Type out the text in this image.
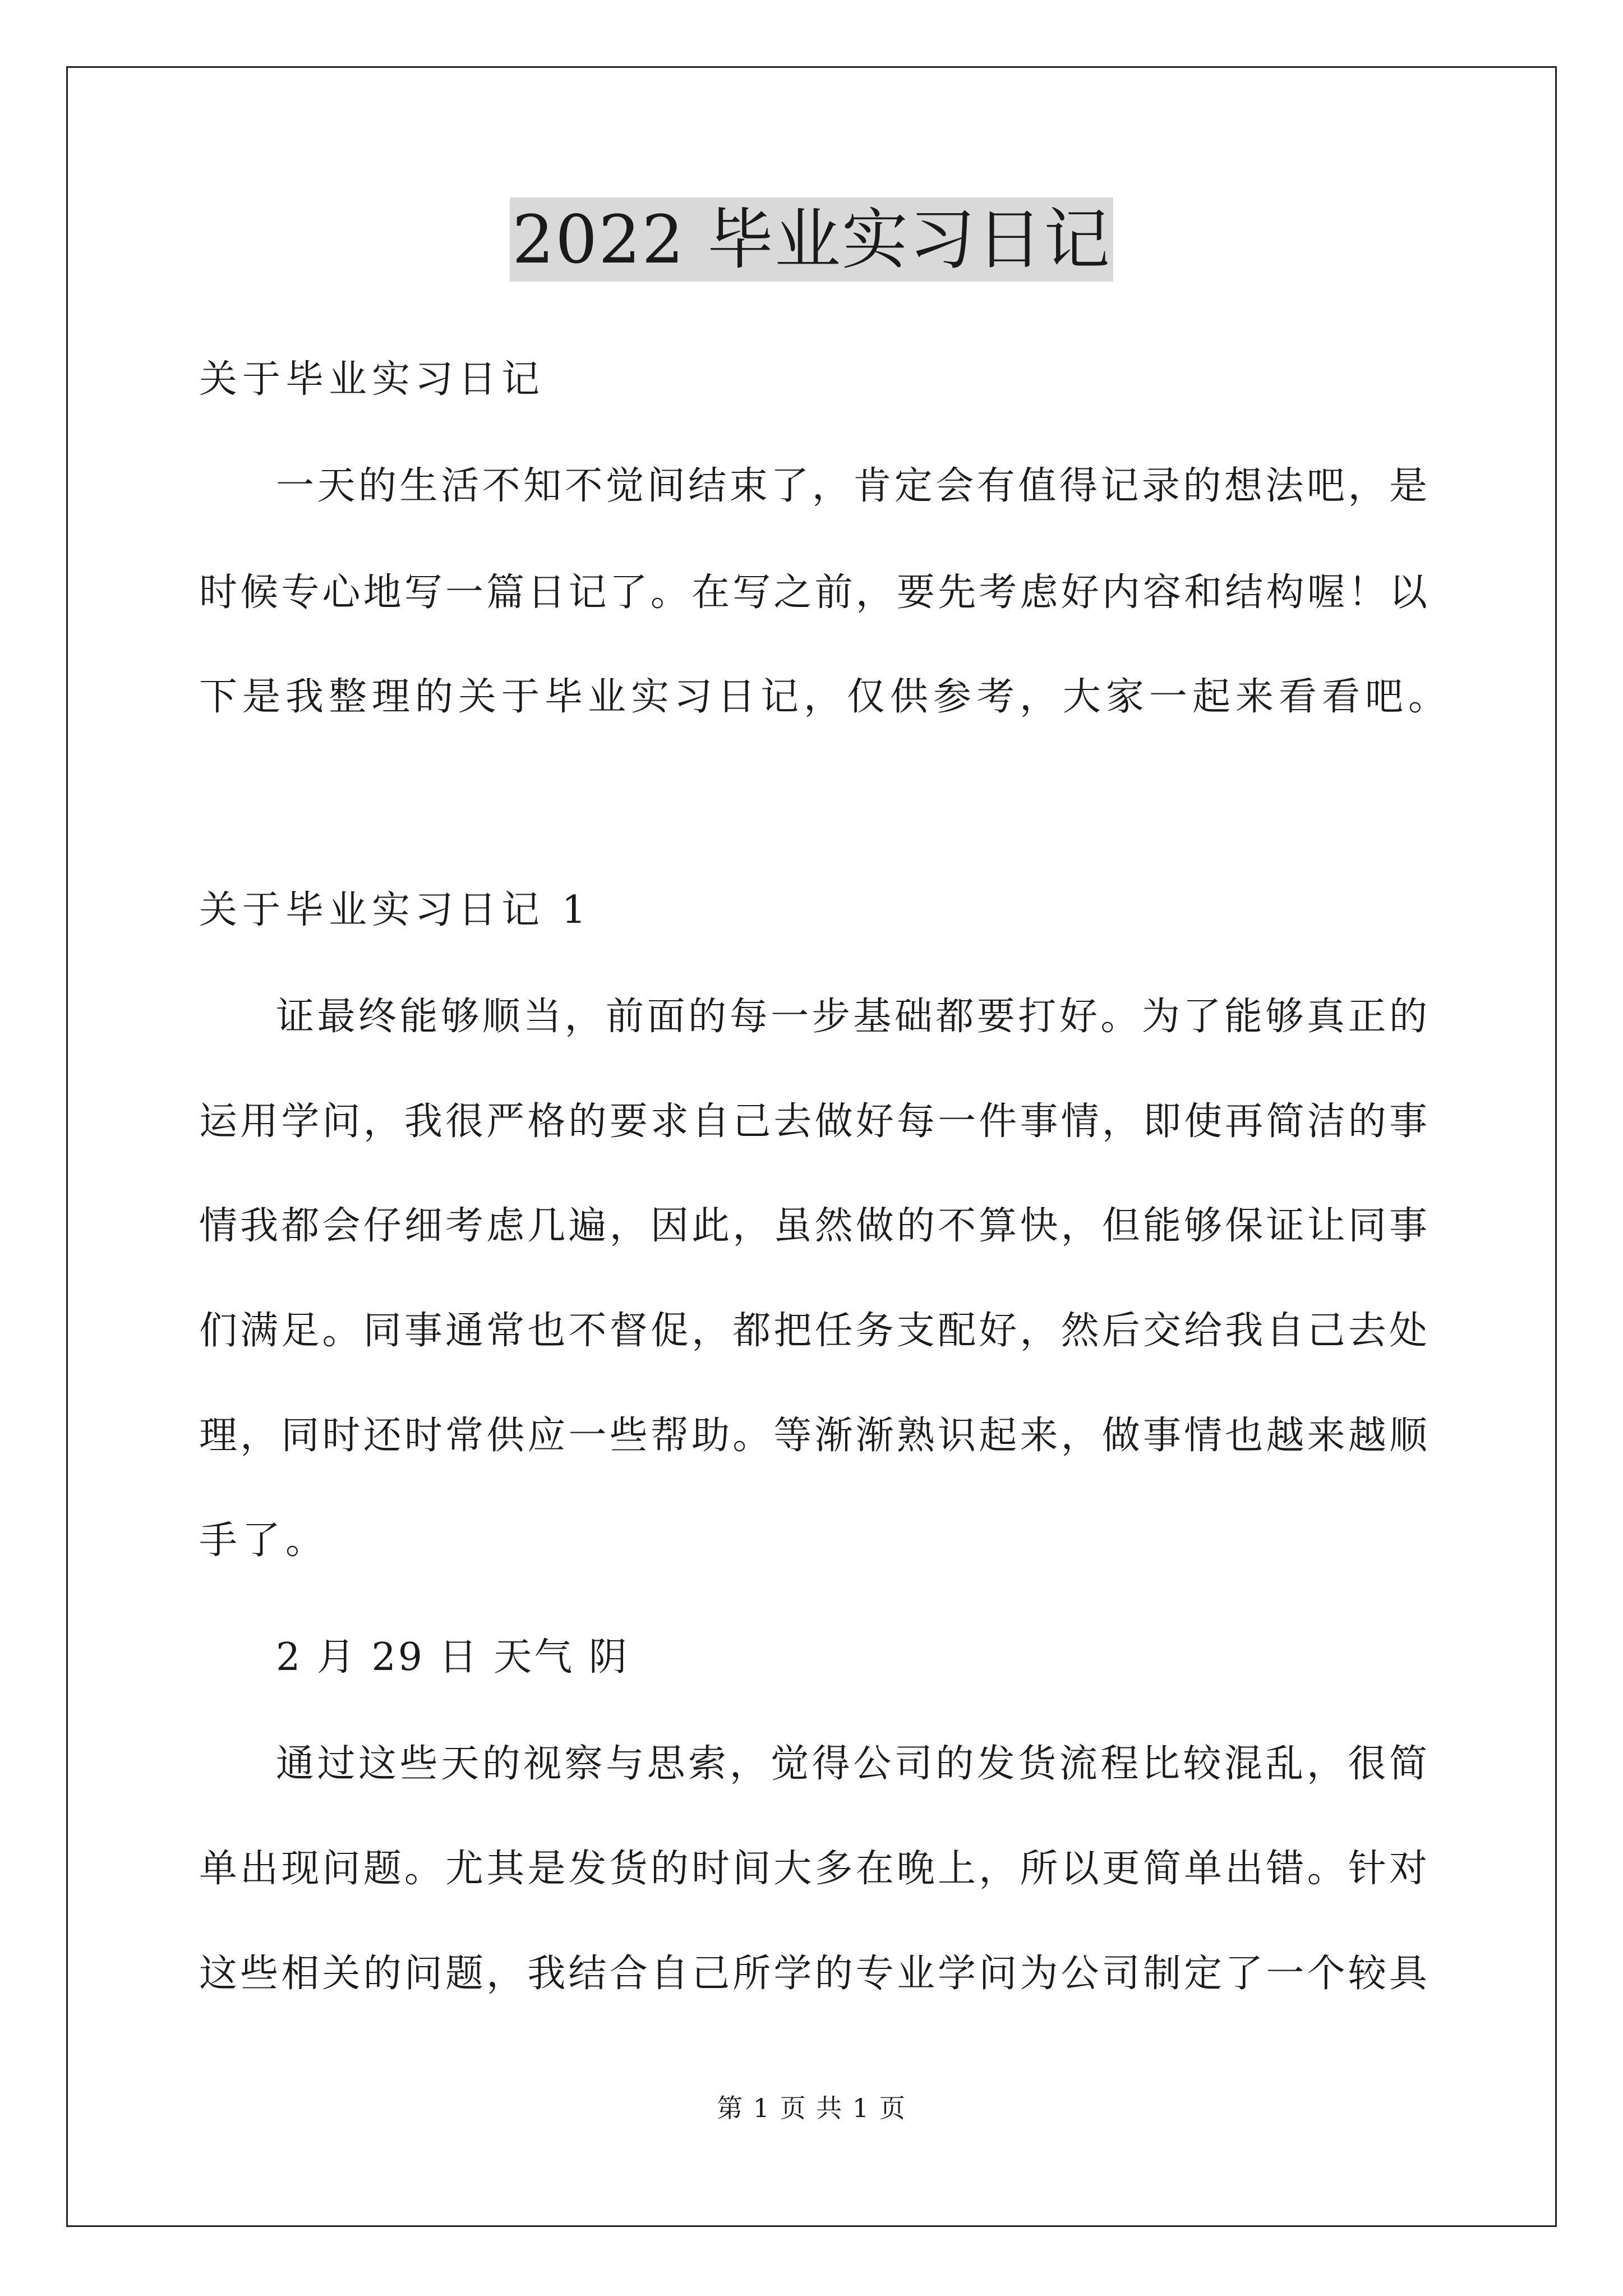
2022 毕业实习日记
关于毕业实习日记
一天的生活不知不觉间结束了，肯定会有值得记录的想法吧，是
时候专心地写一篇日记了。在写之前，要先考虑好内容和结构喔！以
下是我整理的关于毕业实习日记，仅供参考，大家一起来看看吧。
关于毕业实习日记 1
证最终能够顺当，前面的每一步基础都要打好。为了能够真正的
运用学问，我很严格的要求自己去做好每一件事情，即使再简洁的事
情我都会仔细考虑几遍，因此，虽然做的不算快，但能够保证让同事
们满足。同事通常也不督促，都把任务支配好，然后交给我自己去处
理，同时还时常供应一些帮助。等渐渐熟识起来，做事情也越来越顺
手了。
2 月 29 日 天气 阴
通过这些天的视察与思索，觉得公司的发货流程比较混乱，很简
单出现问题。尤其是发货的时间大多在晚上，所以更简单出错。针对
这些相关的问题，我结合自己所学的专业学问为公司制定了一个较具
第 1 页 共 1 页
